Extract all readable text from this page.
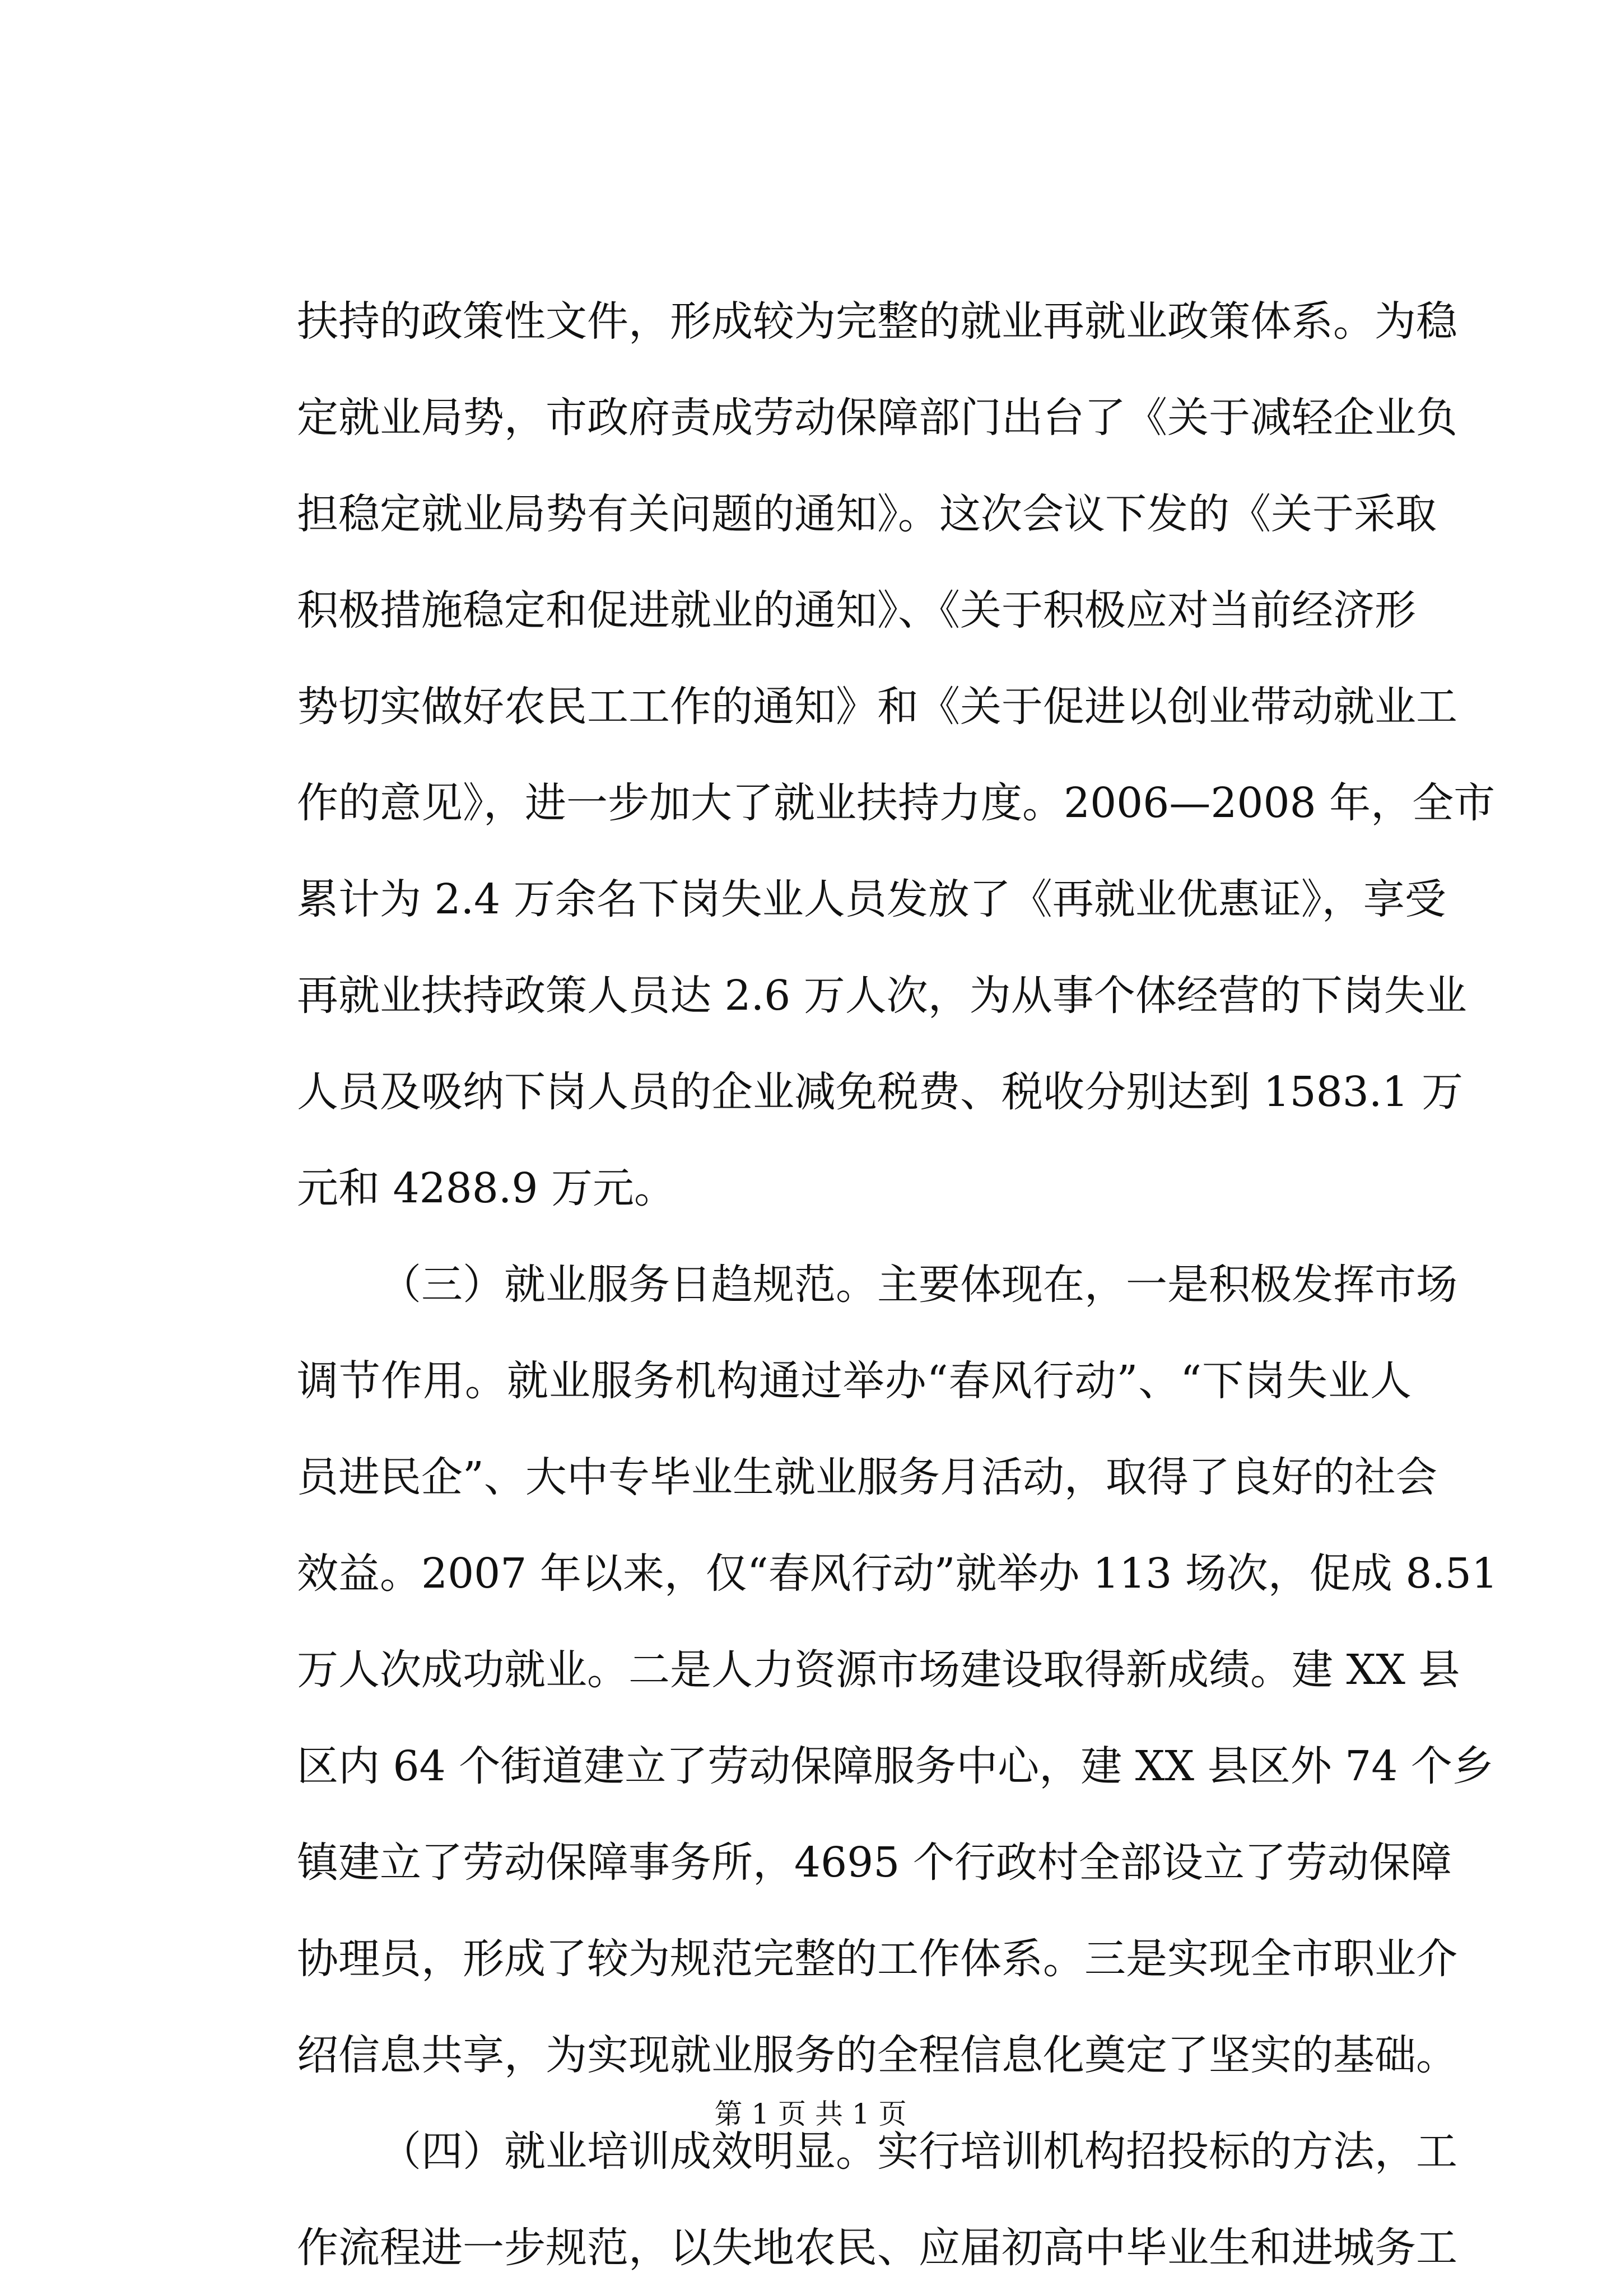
扶持的政策性文件，形成较为完整的就业再就业政策体系。为稳
定就业局势，市政府责成劳动保障部门出台了《关于减轻企业负
担稳定就业局势有关问题的通知》。这次会议下发的《关于采取
积极措施稳定和促进就业的通知》、《关于积极应对当前经济形
势切实做好农民工工作的通知》和《关于促进以创业带动就业工
作的意见》，进一步加大了就业扶持力度。2006—2008 年，全市
累计为 2.4 万余名下岗失业人员发放了《再就业优惠证》，享受
再就业扶持政策人员达 2.6 万人次，为从事个体经营的下岗失业
人员及吸纳下岗人员的企业减免税费、税收分别达到 1583.1 万
元和 4288.9 万元。
（三）就业服务日趋规范。主要体现在，一是积极发挥市场
调节作用。就业服务机构通过举办“春风行动”、“下岗失业人
员进民企”、大中专毕业生就业服务月活动，取得了良好的社会
效益。2007 年以来，仅“春风行动”就举办 113 场次，促成 8.51
万人次成功就业。二是人力资源市场建设取得新成绩。建 XX 县
区内 64 个街道建立了劳动保障服务中心，建 XX 县区外 74 个乡
镇建立了劳动保障事务所，4695 个行政村全部设立了劳动保障
协理员，形成了较为规范完整的工作体系。三是实现全市职业介
绍信息共享，为实现就业服务的全程信息化奠定了坚实的基础。
（四）就业培训成效明显。实行培训机构招投标的方法，工
作流程进一步规范，以失地农民、应届初高中毕业生和进城务工
第 1 页 共 1 页
